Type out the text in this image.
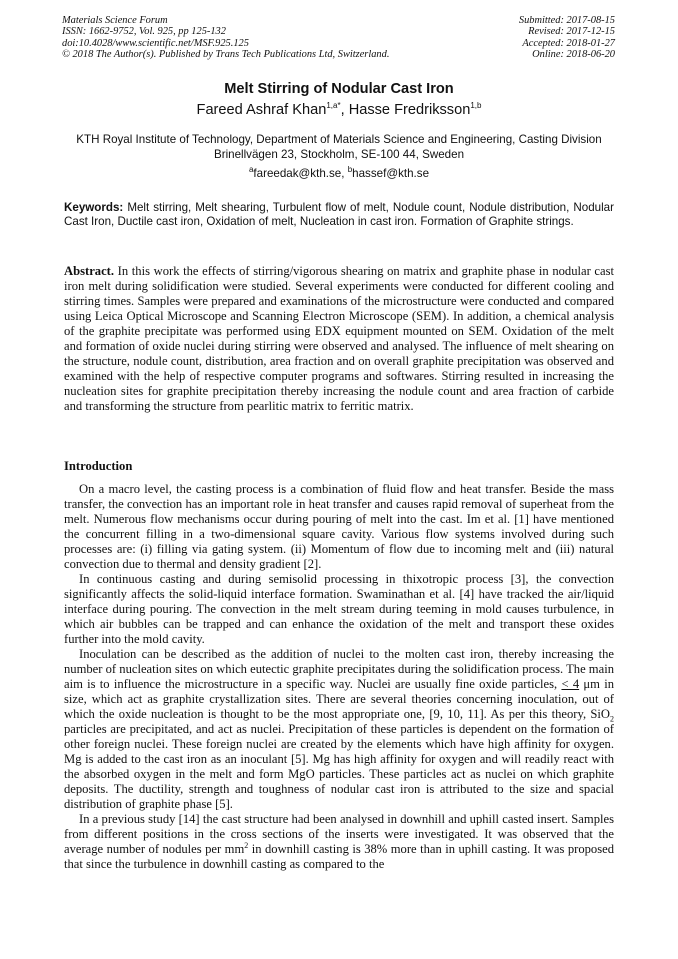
Materials Science Forum
ISSN: 1662-9752, Vol. 925, pp 125-132
doi:10.4028/www.scientific.net/MSF.925.125
© 2018 The Author(s). Published by Trans Tech Publications Ltd, Switzerland.
Submitted: 2017-08-15
Revised: 2017-12-15
Accepted: 2018-01-27
Online: 2018-06-20
Melt Stirring of Nodular Cast Iron
Fareed Ashraf Khan$^{1,a*}$, Hasse Fredriksson$^{1,b}$
KTH Royal Institute of Technology, Department of Materials Science and Engineering, Casting Division Brinellvägen 23, Stockholm, SE-100 44, Sweden
$^a$fareedak@kth.se, $^b$hassef@kth.se
Keywords: Melt stirring, Melt shearing, Turbulent flow of melt, Nodule count, Nodule distribution, Nodular Cast Iron, Ductile cast iron, Oxidation of melt, Nucleation in cast iron. Formation of Graphite strings.
Abstract. In this work the effects of stirring/vigorous shearing on matrix and graphite phase in nodular cast iron melt during solidification were studied. Several experiments were conducted for different cooling and stirring times. Samples were prepared and examinations of the microstructure were conducted and compared using Leica Optical Microscope and Scanning Electron Microscope (SEM). In addition, a chemical analysis of the graphite precipitate was performed using EDX equipment mounted on SEM. Oxidation of the melt and formation of oxide nuclei during stirring were observed and analysed. The influence of melt shearing on the structure, nodule count, distribution, area fraction and on overall graphite precipitation was observed and examined with the help of respective computer programs and softwares. Stirring resulted in increasing the nucleation sites for graphite precipitation thereby increasing the nodule count and area fraction of carbide and transforming the structure from pearlitic matrix to ferritic matrix.
Introduction

On a macro level, the casting process is a combination of fluid flow and heat transfer. Beside the mass transfer, the convection has an important role in heat transfer and causes rapid removal of superheat from the melt. Numerous flow mechanisms occur during pouring of melt into the cast. Im et al. [1] have mentioned the concurrent filling in a two-dimensional square cavity. Various flow systems involved during such processes are: (i) filling via gating system. (ii) Momentum of flow due to incoming melt and (iii) natural convection due to thermal and density gradient [2].

In continuous casting and during semisolid processing in thixotropic process [3], the convection significantly affects the solid-liquid interface formation. Swaminathan et al. [4] have tracked the air/liquid interface during pouring. The convection in the melt stream during teeming in mold causes turbulence, in which air bubbles can be trapped and can enhance the oxidation of the melt and transport these oxides further into the mold cavity.

Inoculation can be described as the addition of nuclei to the molten cast iron, thereby increasing the number of nucleation sites on which eutectic graphite precipitates during the solidification process. The main aim is to influence the microstructure in a specific way. Nuclei are usually fine oxide particles, < 4 μm in size, which act as graphite crystallization sites. There are several theories concerning inoculation, out of which the oxide nucleation is thought to be the most appropriate one, [9, 10, 11]. As per this theory, SiO$_2$ particles are precipitated, and act as nuclei. Precipitation of these particles is dependent on the formation of other foreign nuclei. These foreign nuclei are created by the elements which have high affinity for oxygen. Mg is added to the cast iron as an inoculant [5]. Mg has high affinity for oxygen and will readily react with the absorbed oxygen in the melt and form MgO particles. These particles act as nuclei on which graphite deposits. The ductility, strength and toughness of nodular cast iron is attributed to the size and spacial distribution of graphite phase [5].

In a previous study [14] the cast structure had been analysed in downhill and uphill casted insert. Samples from different positions in the cross sections of the inserts were investigated. It was observed that the average number of nodules per $mm^2$ in downhill casting is 38% more than in uphill casting. It was proposed that since the turbulence in downhill casting as compared to the
